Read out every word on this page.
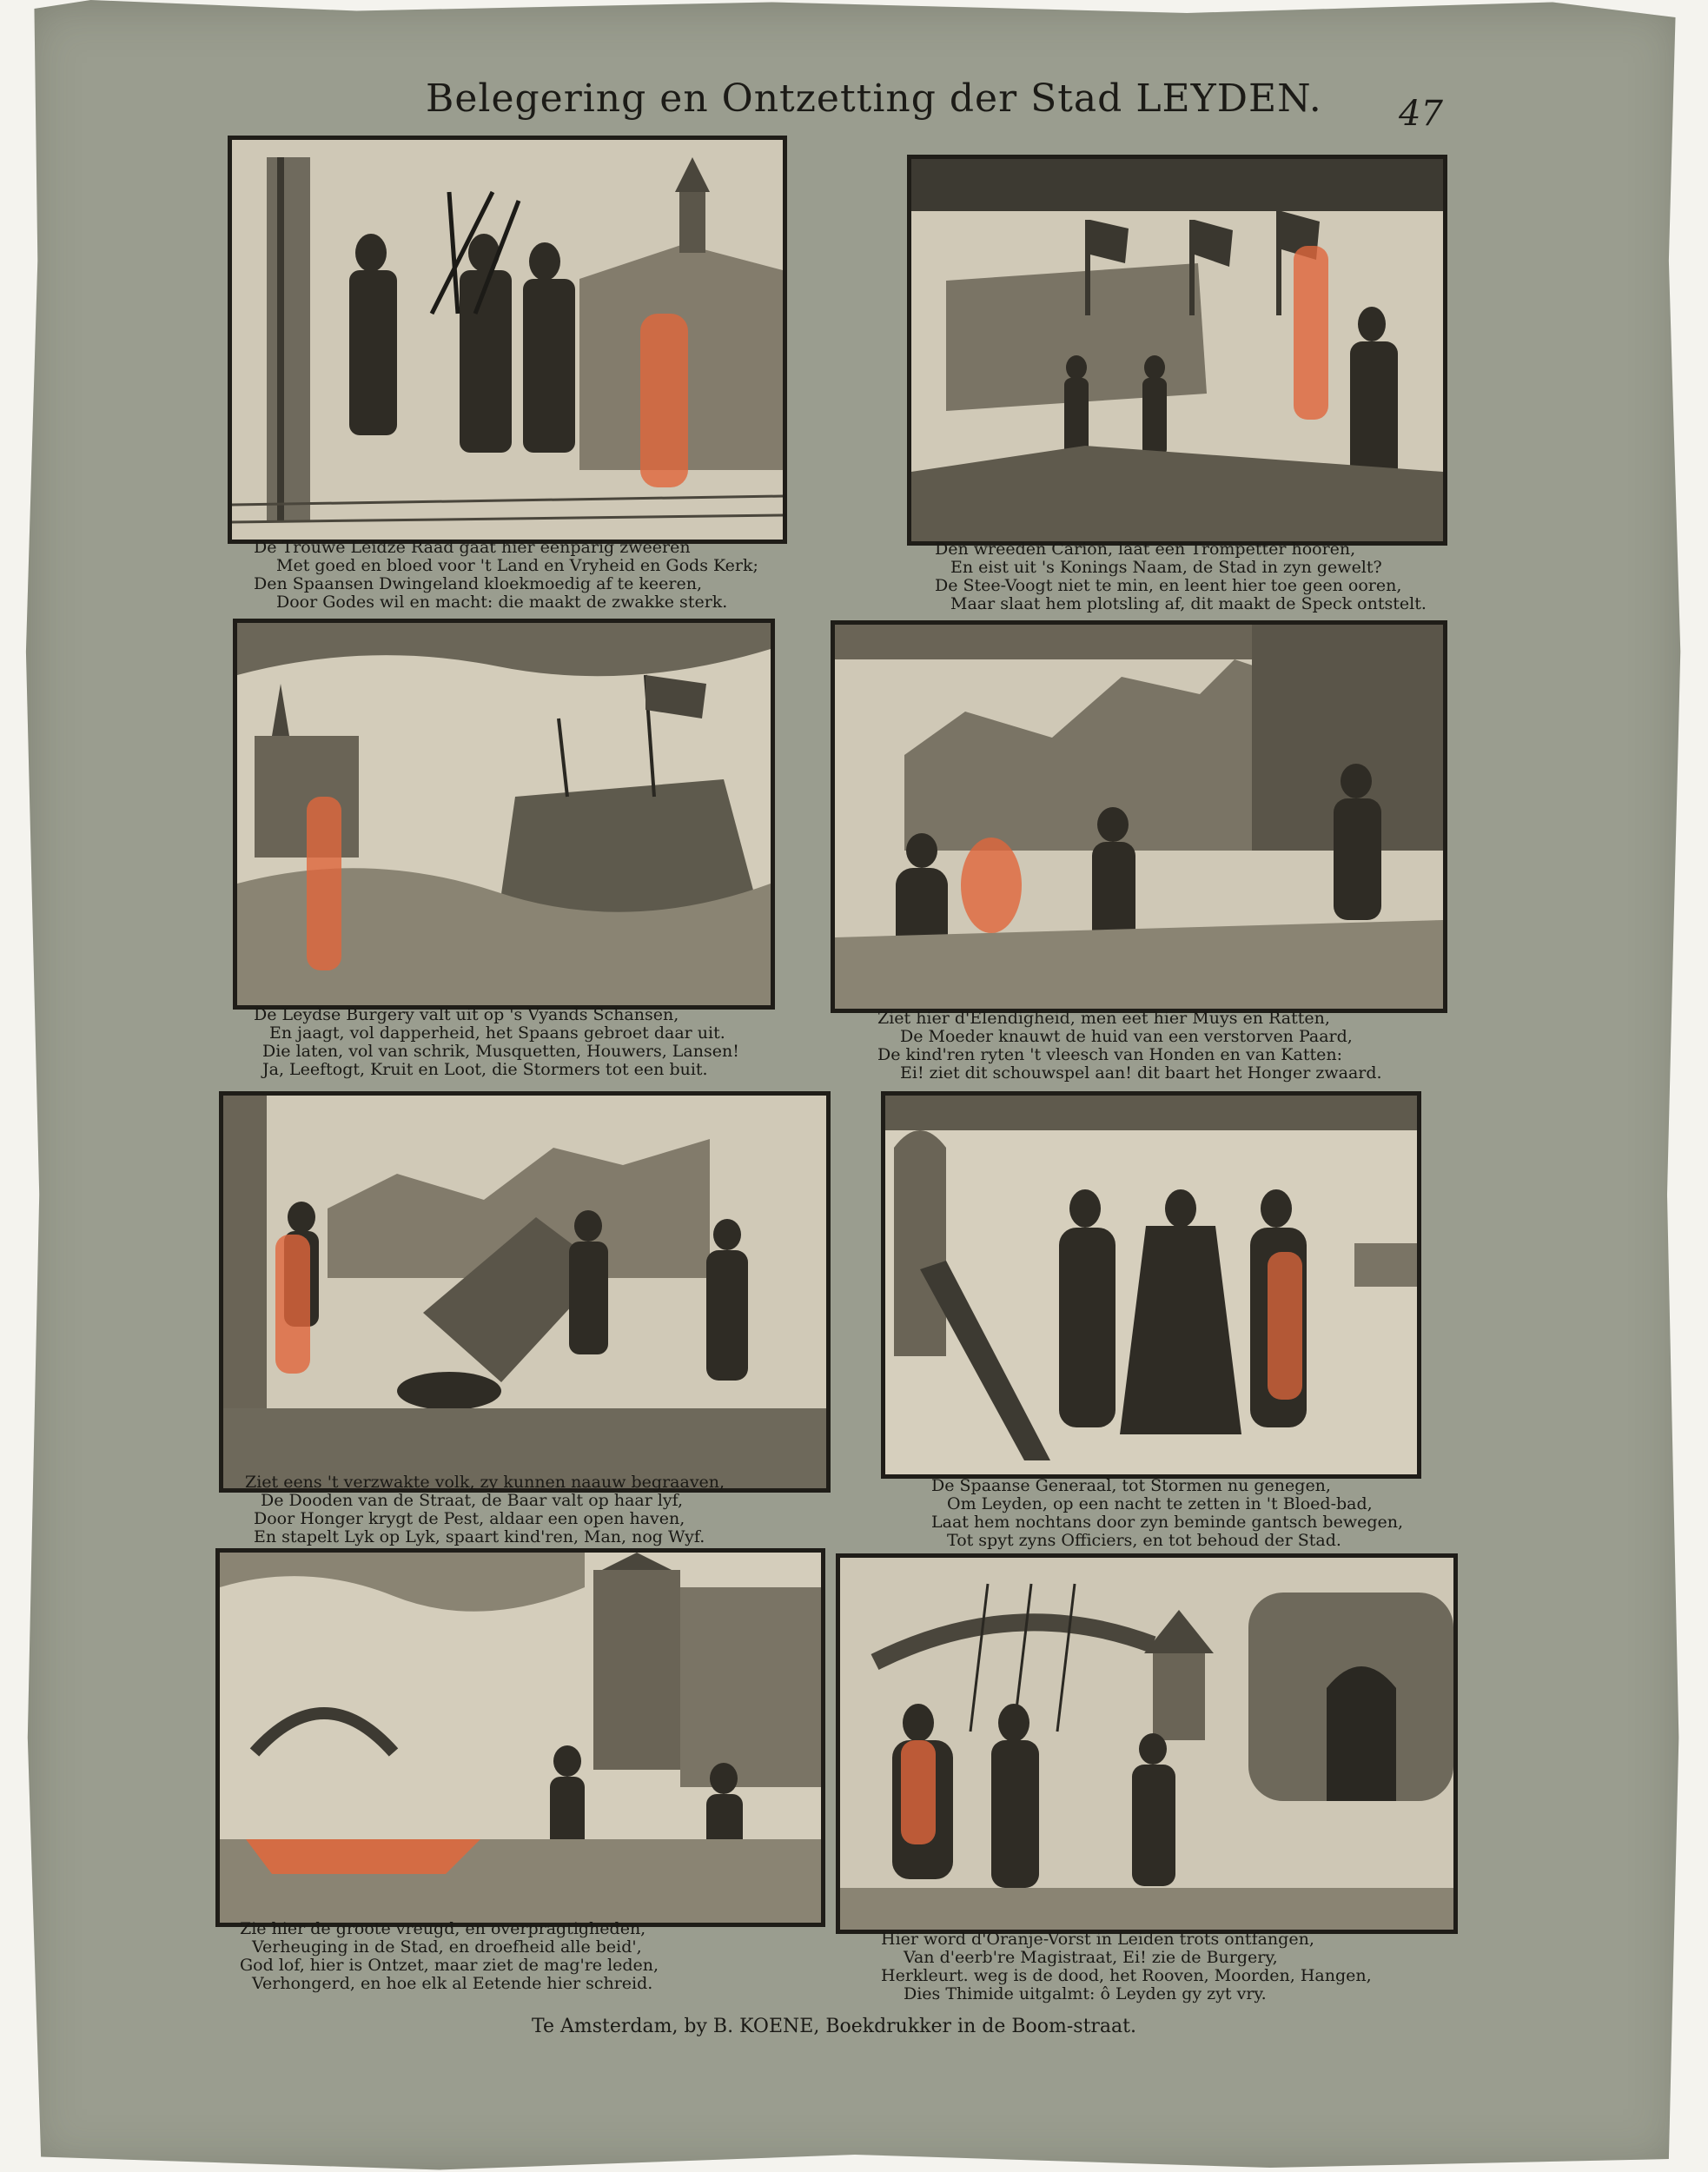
Belegering en Ontzetting der Stad LEYDEN. 47
De Trouwe Leidze Raad gaat hier eenparig zweeren
Met goed en bloed voor 't Land en Vryheid en Gods Kerk;
Den Spaansen Dwingeland kloekmoedig af te keeren,
Door Godes wil en macht: die maakt de zwakke sterk.
Den wreeden Carion, laat een Trompetter hooren,
En eist uit 's Konings Naam, de Stad in zyn gewelt?
De Stee-Voogt niet te min, en leent hier toe geen ooren,
Maar slaat hem plotsling af, dit maakt de Speck ontstelt.
De Leydse Burgery valt uit op 's Vyands Schansen,
En jaagt, vol dapperheid, het Spaans gebroet daar uit.
Die laten, vol van schrik, Musquetten, Houwers, Lansen!
Ja, Leeftogt, Kruit en Loot, die Stormers tot een buit.
Ziet hier d'Elendigheid, men eet hier Muys en Ratten,
De Moeder knauwt de huid van een verstorven Paard,
De kind'ren ryten 't vleesch van Honden en van Katten:
Ei! ziet dit schouwspel aan! dit baart het Honger zwaard.
Ziet eens 't verzwakte volk, zy kunnen naauw begraaven,
De Dooden van de Straat, de Baar valt op haar lyf,
Door Honger krygt de Pest, aldaar een open haven,
En stapelt Lyk op Lyk, spaart kind'ren, Man, nog Wyf.
De Spaanse Generaal, tot Stormen nu genegen,
Om Leyden, op een nacht te zetten in 't Bloed-bad,
Laat hem nochtans door zyn beminde gantsch bewegen,
Tot spyt zyns Officiers, en tot behoud der Stad.
Zie hier de groote vreugd, en overpragtigheden,
Verheuging in de Stad, en droefheid alle beid',
God lof, hier is Ontzet, maar ziet de mag're leden,
Verhongerd, en hoe elk al Eetende hier schreid.
Hier word d'Oranje-Vorst in Leiden trots ontfangen,
Van d'eerb're Magistraat, Ei! zie de Burgery,
Herkleurt. weg is de dood, het Rooven, Moorden, Hangen,
Dies Thimide uitgalmt: ô Leyden gy zyt vry.
Te Amsterdam, by B. KOENE, Boekdrukker in de Boom-straat.
